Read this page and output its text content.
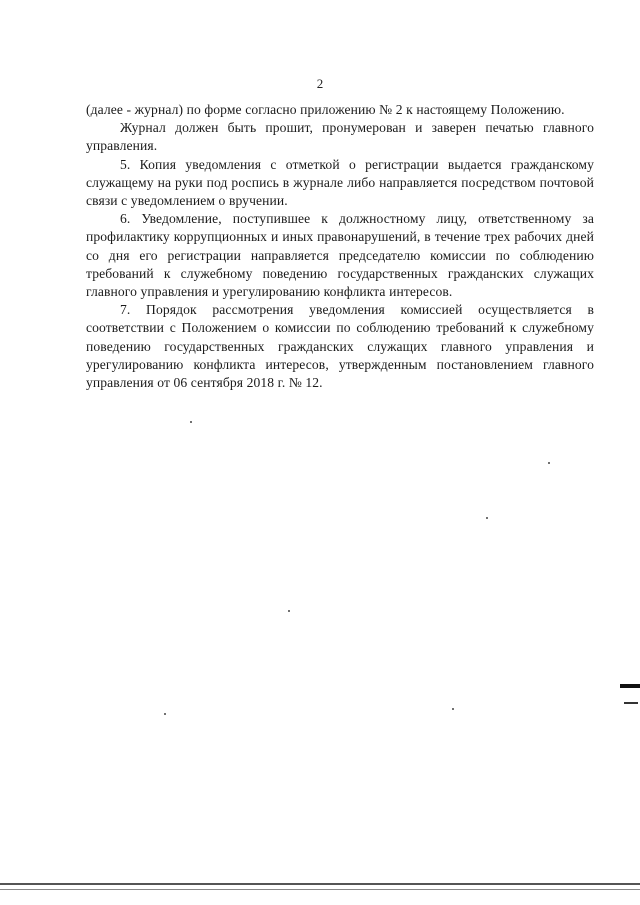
2

(далее - журнал) по форме согласно приложению № 2 к настоящему Положению.

Журнал должен быть прошит, пронумерован и заверен печатью главного управления.

5. Копия уведомления с отметкой о регистрации выдается гражданскому служащему на руки под роспись в журнале либо направляется посредством почтовой связи с уведомлением о вручении.

6. Уведомление, поступившее к должностному лицу, ответственному за профилактику коррупционных и иных правонарушений, в течение трех рабочих дней со дня его регистрации направляется председателю комиссии по соблюдению требований к служебному поведению государственных гражданских служащих главного управления и урегулированию конфликта интересов.

7. Порядок рассмотрения уведомления комиссией осуществляется в соответствии с Положением о комиссии по соблюдению требований к служебному поведению государственных гражданских служащих главного управления и урегулированию конфликта интересов, утвержденным постановлением главного управления от 06 сентября 2018 г. № 12.
